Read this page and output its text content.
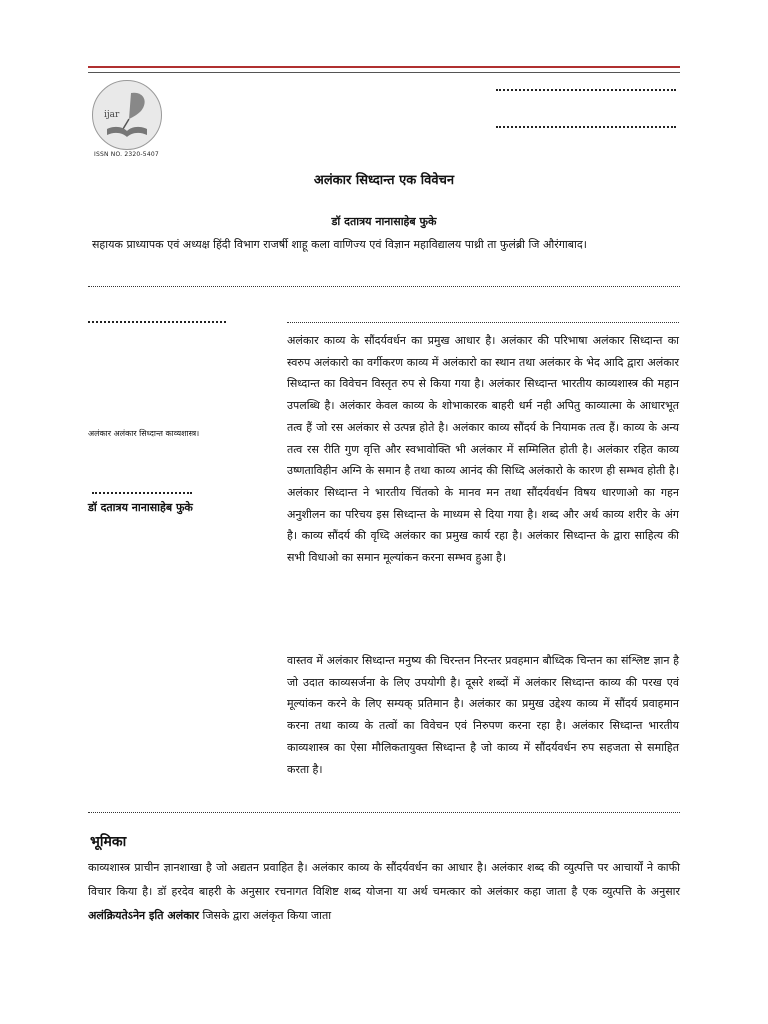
ijar
ISSN NO. 2320-5407
अलंकार सिध्दान्त एक विवेचन
डॉ दतात्रय नानासाहेब फुके
सहायक प्राध्यापक एवं अध्यक्ष हिंदी विभाग राजर्षी शाहू कला वाणिज्य एवं विज्ञान महाविद्यालय पाथ्री ता फुलंब्री जि औरंगाबाद।
अलंकार अलंकार सिध्दान्त काव्यशास्त्र।
डॉ दतात्रय नानासाहेब फुके
अलंकार काव्य के सौंदर्यवर्धन का प्रमुख आधार है। अलंकार की परिभाषा अलंकार सिध्दान्त का स्वरुप अलंकारो का वर्गीकरण काव्य में अलंकारो का स्थान तथा अलंकार के भेद आदि द्वारा अलंकार सिध्दान्त का विवेचन विस्तृत रुप से किया गया है। अलंकार सिध्दान्त भारतीय काव्यशास्त्र की महान उपलब्धि है। अलंकार केवल काव्य के शोभाकारक बाहरी धर्म नही अपितु काव्यात्मा के आधारभूत तत्व हैं जो रस अलंकार से उत्पन्न होते है। अलंकार काव्य सौंदर्य के नियामक तत्व हैं। काव्य के अन्य तत्व रस रीति गुण वृत्ति और स्वभावोक्ति भी अलंकार में सम्मिलित होती है। अलंकार रहित काव्य उष्णताविहीन अग्नि के समान है तथा काव्य आनंद की सिध्दि अलंकारो के कारण ही सम्भव होती है। अलंकार सिध्दान्त ने भारतीय चिंतको के मानव मन तथा सौंदर्यवर्धन विषय धारणाओ का गहन अनुशीलन का परिचय इस सिध्दान्त के माध्यम से दिया गया है। शब्द और अर्थ काव्य शरीर के अंग है। काव्य सौंदर्य की वृध्दि अलंकार का प्रमुख कार्य रहा है। अलंकार सिध्दान्त के द्वारा साहित्य की सभी विधाओ का समान मूल्यांकन करना सम्भव हुआ है।
वास्तव में अलंकार सिध्दान्त मनुष्य की चिरन्तन निरन्तर प्रवहमान बौध्दिक चिन्तन का संश्लिष्ट ज्ञान है जो उदात काव्यसर्जना के लिए उपयोगी है। दूसरे शब्दों में अलंकार सिध्दान्त काव्य की परख एवं मूल्यांकन करने के लिए सम्यक् प्रतिमान है। अलंकार का प्रमुख उद्देश्य काव्य में सौंदर्य प्रवाहमान करना तथा काव्य के तत्वों का विवेचन एवं निरुपण करना रहा है। अलंकार सिध्दान्त भारतीय काव्यशास्त्र का ऐसा मौलिकतायुक्त सिध्दान्त है जो काव्य में सौंदर्यवर्धन रुप सहजता से समाहित करता है।
भूमिका
काव्यशास्त्र प्राचीन ज्ञानशाखा है जो अद्यतन प्रवाहित है। अलंकार काव्य के सौंदर्यवर्धन का आधार है। अलंकार शब्द की व्युत्पत्ति पर आचार्यों ने काफी विचार किया है। डॉ हरदेव बाहरी के अनुसार रचनागत विशिष्ट शब्द योजना या अर्थ चमत्कार को अलंकार कहा जाता है एक व्युत्पत्ति के अनुसार अलंक्रियतेऽनेन इति अलंकार जिसके द्वारा अलंकृत किया जाता
